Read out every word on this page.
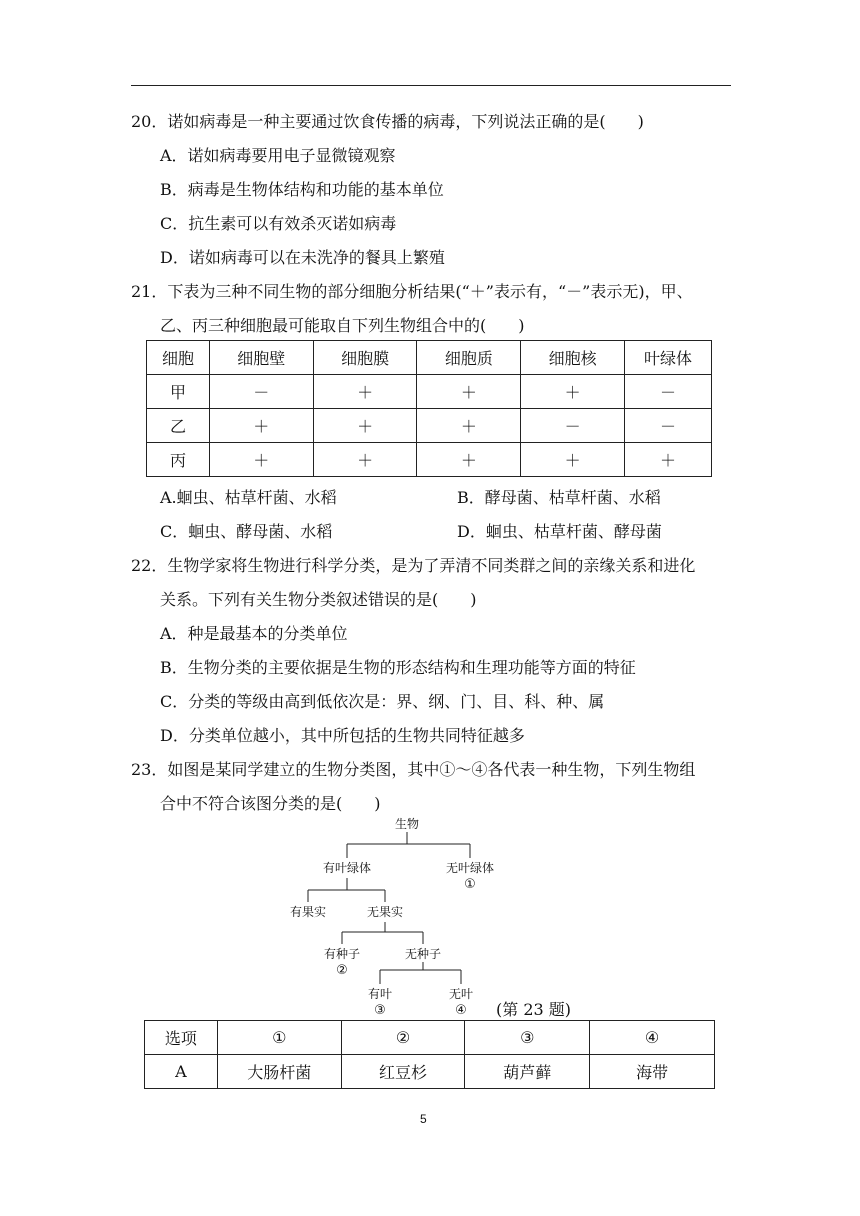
20．诺如病毒是一种主要通过饮食传播的病毒，下列说法正确的是(　　)
A．诺如病毒要用电子显微镜观察
B．病毒是生物体结构和功能的基本单位
C．抗生素可以有效杀灭诺如病毒
D．诺如病毒可以在未洗净的餐具上繁殖
21．下表为三种不同生物的部分细胞分析结果(“＋”表示有，“－”表示无)，甲、
乙、丙三种细胞最可能取自下列生物组合中的(　　)
细胞	细胞壁	细胞膜	细胞质	细胞核	叶绿体
甲	－	＋	＋	＋	－
乙	＋	＋	＋	－	－
丙	＋	＋	＋	＋	＋
A.蛔虫、枯草杆菌、水稻	B．酵母菌、枯草杆菌、水稻
C．蛔虫、酵母菌、水稻	D．蛔虫、枯草杆菌、酵母菌
22．生物学家将生物进行科学分类，是为了弄清不同类群之间的亲缘关系和进化
关系。下列有关生物分类叙述错误的是(　　)
A．种是最基本的分类单位
B．生物分类的主要依据是生物的形态结构和生理功能等方面的特征
C．分类的等级由高到低依次是：界、纲、门、目、科、种、属
D．分类单位越小，其中所包括的生物共同特征越多
23．如图是某同学建立的生物分类图，其中①～④各代表一种生物，下列生物组
合中不符合该图分类的是(　　)
生物
有叶绿体	无叶绿体
①
有果实	无果实
有种子
②
无种子
有叶
③
无叶
④ (第 23 题)
选项	①	②	③	④
A	大肠杆菌	红豆杉	葫芦藓	海带
5
